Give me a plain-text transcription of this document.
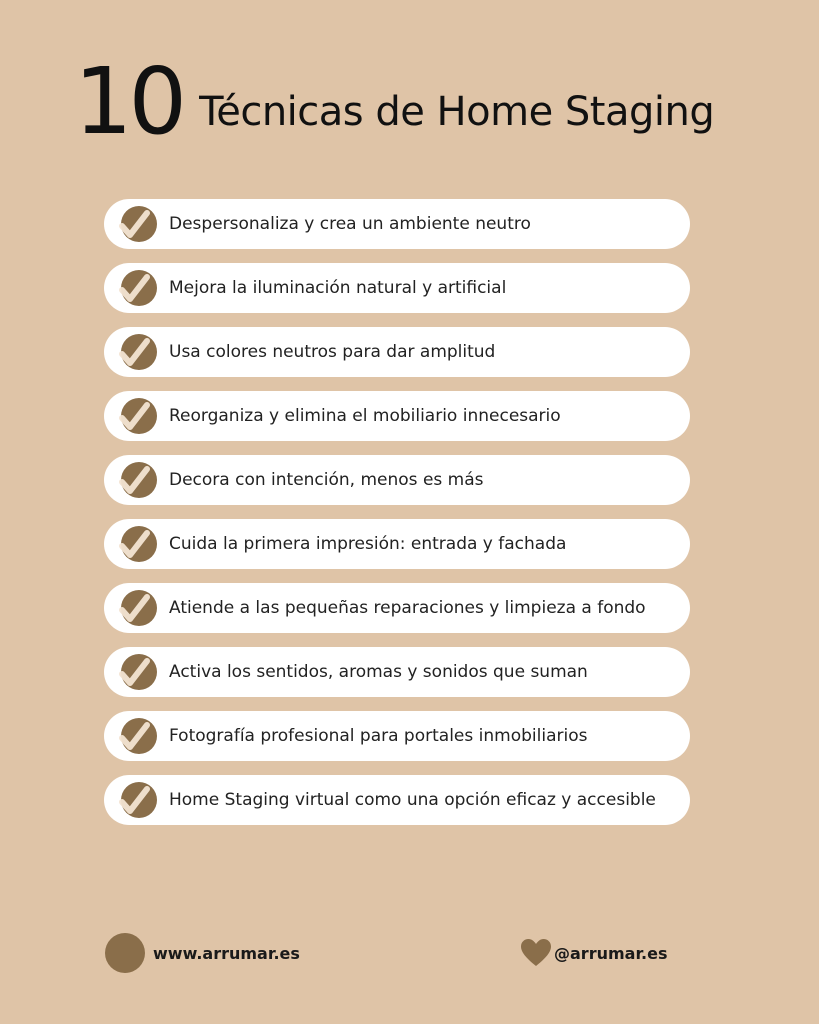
10 Técnicas de Home Staging
Despersonaliza y crea un ambiente neutro
Mejora la iluminación natural y artificial
Usa colores neutros para dar amplitud
Reorganiza y elimina el mobiliario innecesario
Decora con intención, menos es más
Cuida la primera impresión: entrada y fachada
Atiende a las pequeñas reparaciones y limpieza a fondo
Activa los sentidos, aromas y sonidos que suman
Fotografía profesional para portales inmobiliarios
Home Staging virtual como una opción eficaz y accesible
www.arrumar.es	@arrumar.es
